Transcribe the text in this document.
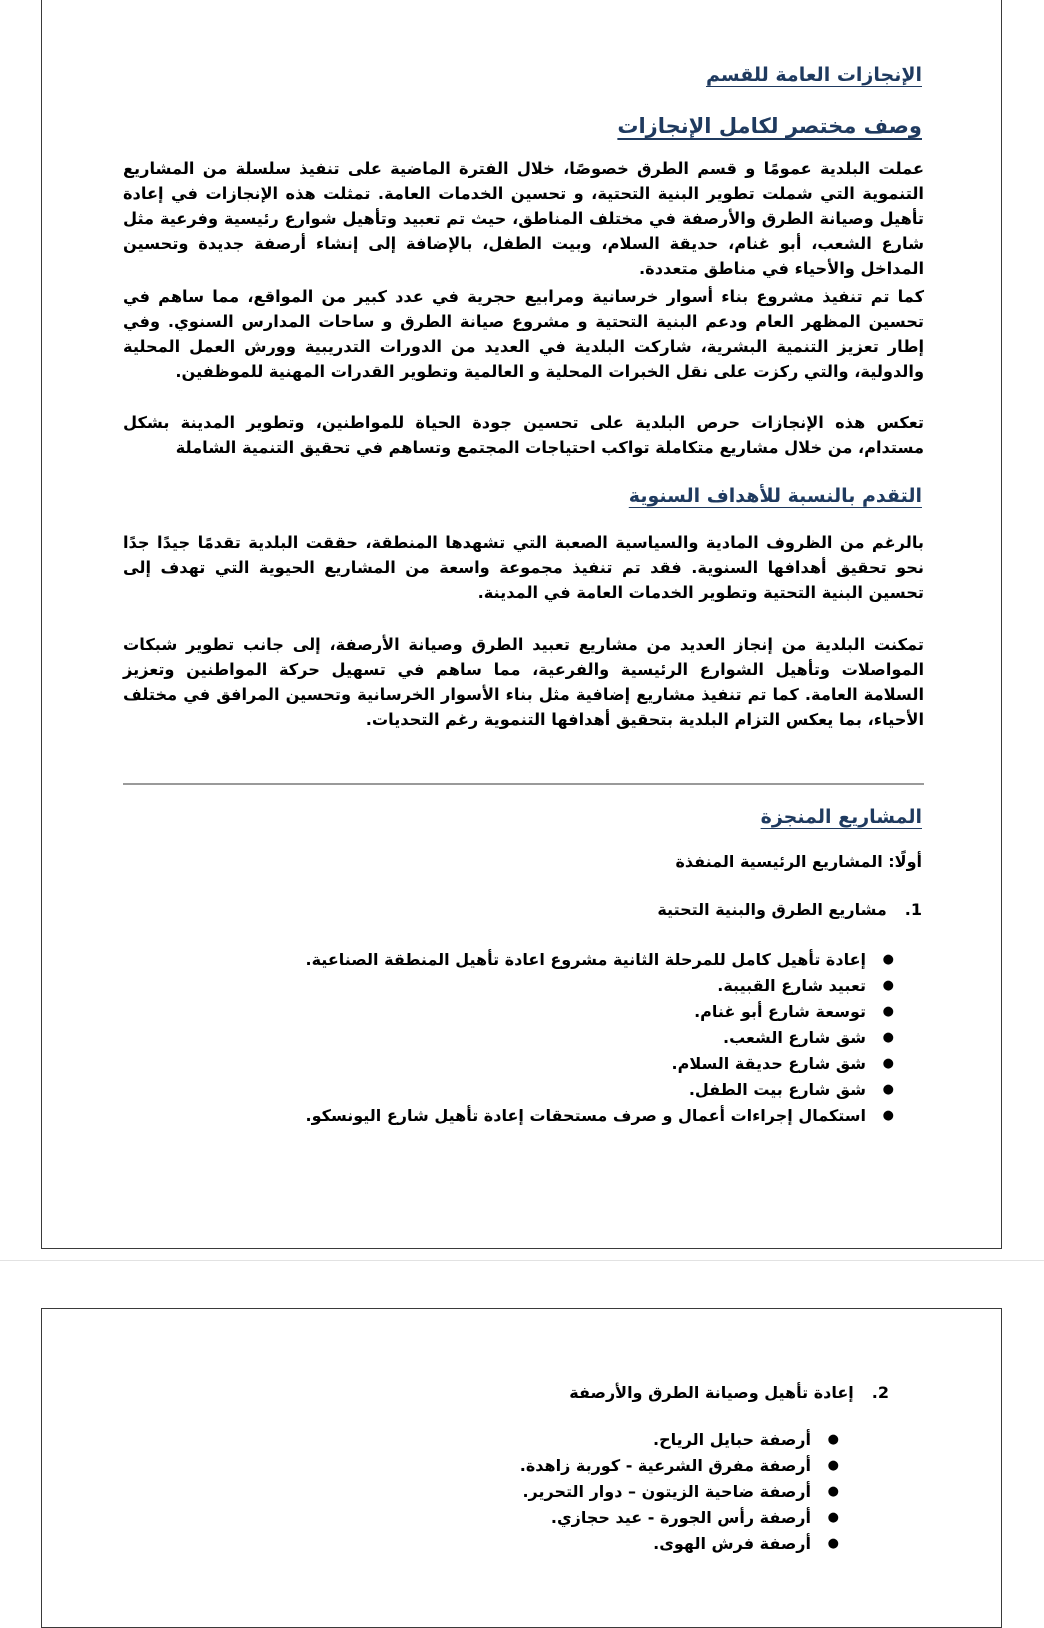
الإنجازات العامة للقسم
وصف مختصر لكامل الإنجازات
عملت البلدية عمومًا و قسم الطرق خصوصًا، خلال الفترة الماضية على تنفيذ سلسلة من المشاريع التنموية التي شملت تطوير البنية التحتية، و تحسين الخدمات العامة. تمثلت هذه الإنجازات في إعادة تأهيل وصيانة الطرق والأرصفة في مختلف المناطق، حيث تم تعبيد وتأهيل شوارع رئيسية وفرعية مثل شارع الشعب، أبو غنام، حديقة السلام، وبيت الطفل، بالإضافة إلى إنشاء أرصفة جديدة وتحسين المداخل والأحياء في مناطق متعددة.
كما تم تنفيذ مشروع بناء أسوار خرسانية ومرابيع حجرية في عدد كبير من المواقع، مما ساهم في تحسين المظهر العام ودعم البنية التحتية و مشروع صيانة الطرق و ساحات المدارس السنوي. وفي إطار تعزيز التنمية البشرية، شاركت البلدية في العديد من الدورات التدريبية وورش العمل المحلية والدولية، والتي ركزت على نقل الخبرات المحلية و العالمية وتطوير القدرات المهنية للموظفين.
تعكس هذه الإنجازات حرص البلدية على تحسين جودة الحياة للمواطنين، وتطوير المدينة بشكل مستدام، من خلال مشاريع متكاملة تواكب احتياجات المجتمع وتساهم في تحقيق التنمية الشاملة
التقدم بالنسبة للأهداف السنوية
بالرغم من الظروف المادية والسياسية الصعبة التي تشهدها المنطقة، حققت البلدية تقدمًا جيدًا جدًا نحو تحقيق أهدافها السنوية. فقد تم تنفيذ مجموعة واسعة من المشاريع الحيوية التي تهدف إلى تحسين البنية التحتية وتطوير الخدمات العامة في المدينة.
تمكنت البلدية من إنجاز العديد من مشاريع تعبيد الطرق وصيانة الأرصفة، إلى جانب تطوير شبكات المواصلات وتأهيل الشوارع الرئيسية والفرعية، مما ساهم في تسهيل حركة المواطنين وتعزيز السلامة العامة. كما تم تنفيذ مشاريع إضافية مثل بناء الأسوار الخرسانية وتحسين المرافق في مختلف الأحياء، بما يعكس التزام البلدية بتحقيق أهدافها التنموية رغم التحديات.
المشاريع المنجزة
أولًا: المشاريع الرئيسية المنفذة
1.مشاريع الطرق والبنية التحتية
●
إعادة تأهيل كامل للمرحلة الثانية مشروع اعادة تأهيل المنطقة الصناعية.
●
تعبيد شارع القبيبة.
●
توسعة شارع أبو غنام.
●
شق شارع الشعب.
●
شق شارع حديقة السلام.
●
شق شارع بيت الطفل.
●
استكمال إجراءات أعمال و صرف مستحقات إعادة تأهيل شارع اليونسكو.
2.إعادة تأهيل وصيانة الطرق والأرصفة
●
أرصفة حبايل الرياح.
●
أرصفة مفرق الشرعية - كوربة زاهدة.
●
أرصفة ضاحية الزيتون – دوار التحرير.
●
أرصفة رأس الجورة - عيد حجازي.
●
أرصفة فرش الهوى.
